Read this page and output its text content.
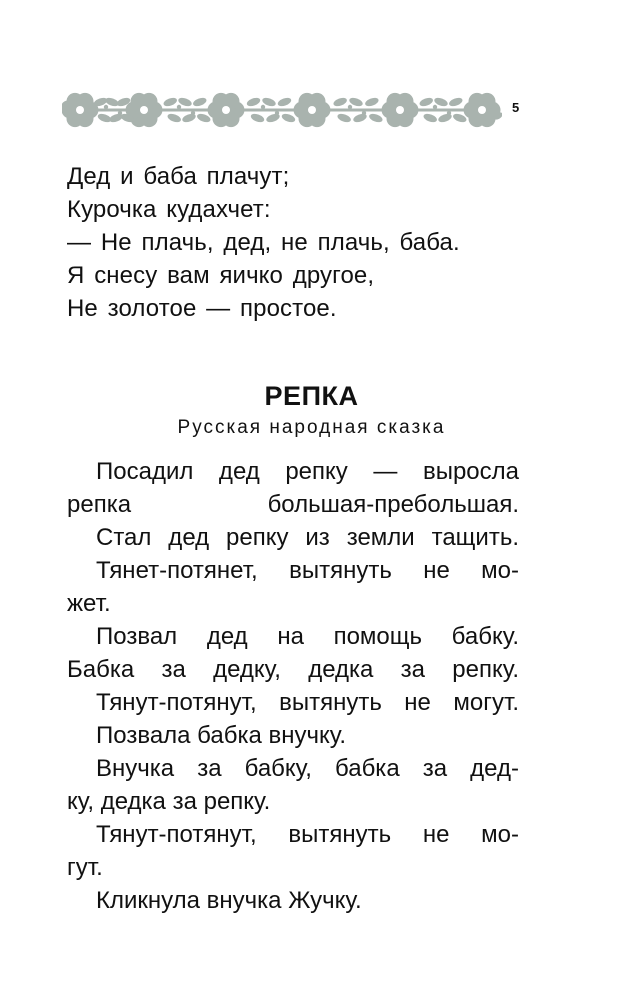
5
Дед и баба плачут;
Курочка кудахчет:
— Не плачь, дед, не плачь, баба.
Я снесу вам яичко другое,
Не золотое — простое.
РЕПКА
Русская народная сказка
Посадил дед репку — выросла
репка большая-пребольшая.
Стал дед репку из земли тащить.
Тянет-потянет, вытянуть не мо-
жет.
Позвал дед на помощь бабку.
Бабка за дедку, дедка за репку.
Тянут-потянут, вытянуть не могут.
Позвала бабка внучку.
Внучка за бабку, бабка за дед-
ку, дедка за репку.
Тянут-потянут, вытянуть не мо-
гут.
Кликнула внучка Жучку.
